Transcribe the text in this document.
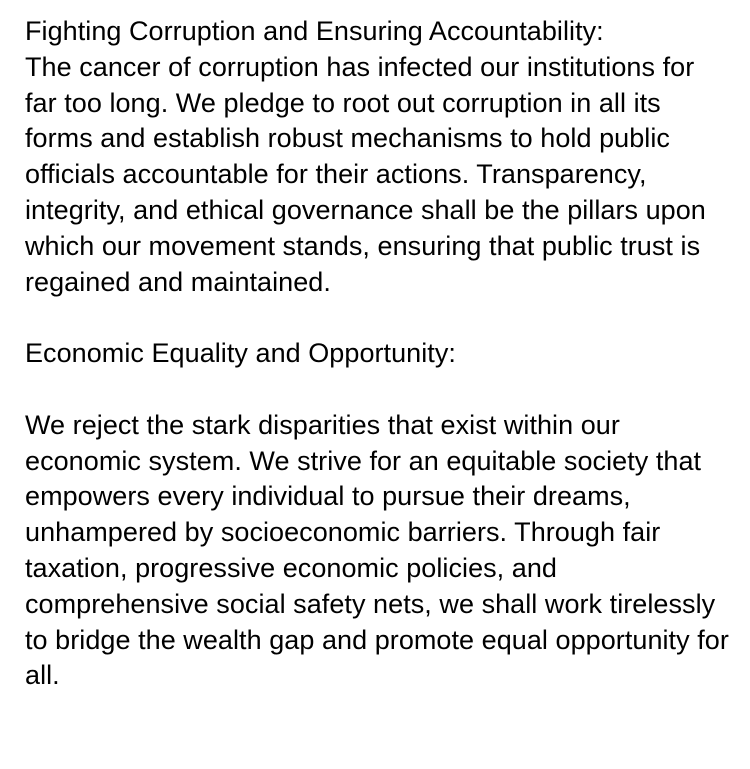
Fighting Corruption and Ensuring Accountability:
The cancer of corruption has infected our institutions for far too long. We pledge to root out corruption in all its forms and establish robust mechanisms to hold public officials accountable for their actions. Transparency, integrity, and ethical governance shall be the pillars upon which our movement stands, ensuring that public trust is regained and maintained.

Economic Equality and Opportunity:

We reject the stark disparities that exist within our economic system. We strive for an equitable society that empowers every individual to pursue their dreams, unhampered by socioeconomic barriers. Through fair taxation, progressive economic policies, and comprehensive social safety nets, we shall work tirelessly to bridge the wealth gap and promote equal opportunity for all.
